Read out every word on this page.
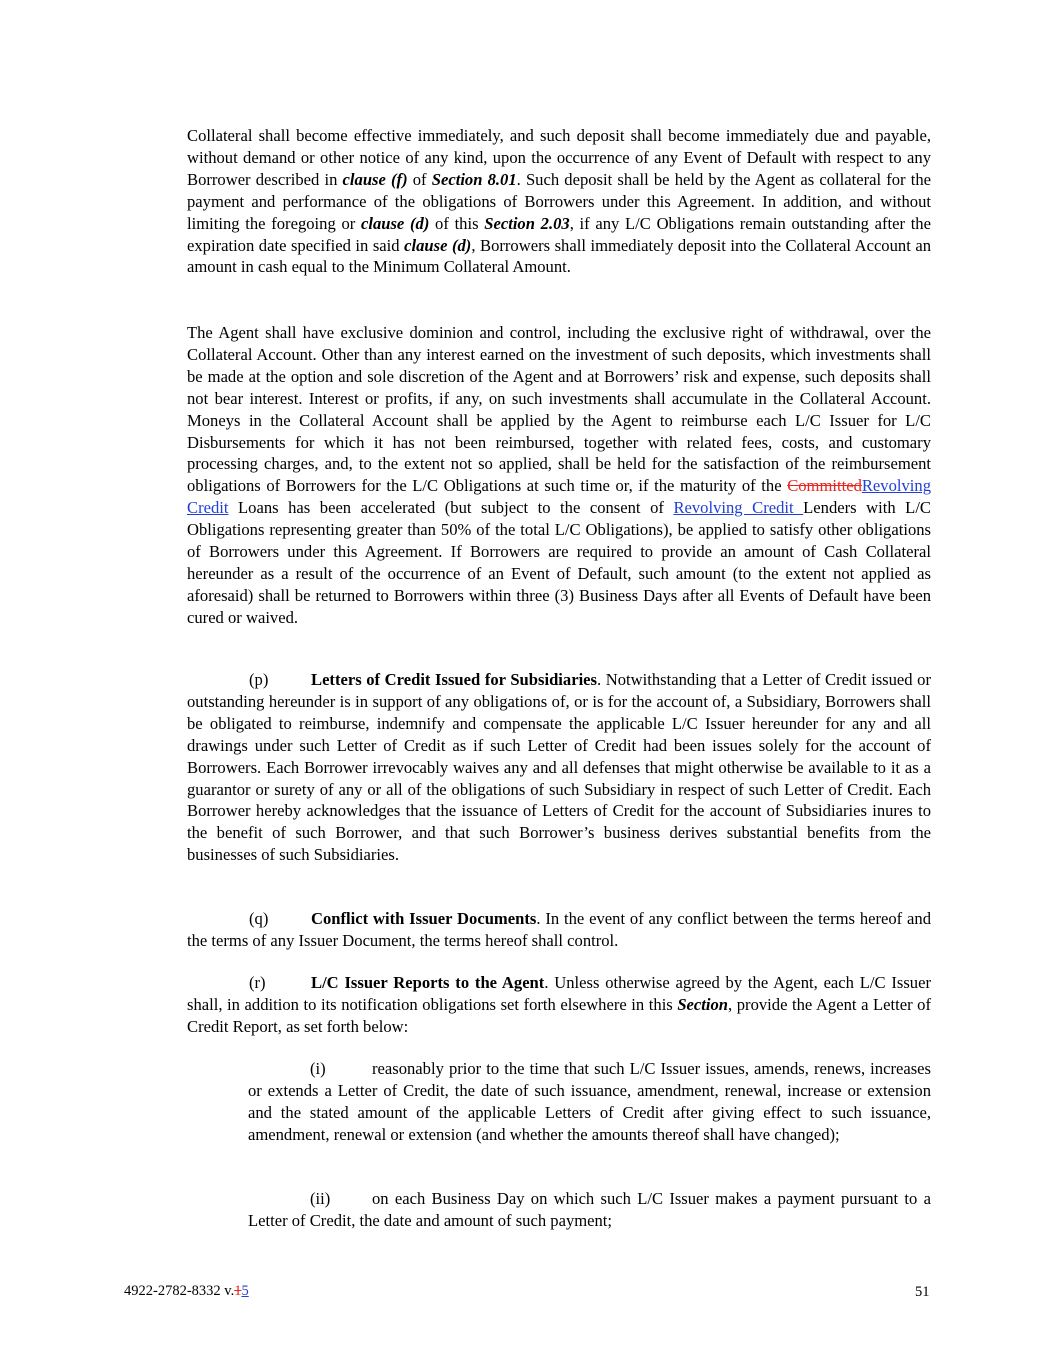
Collateral shall become effective immediately, and such deposit shall become immediately due and payable, without demand or other notice of any kind, upon the occurrence of any Event of Default with respect to any Borrower described in clause (f) of Section 8.01. Such deposit shall be held by the Agent as collateral for the payment and performance of the obligations of Borrowers under this Agreement. In addition, and without limiting the foregoing or clause (d) of this Section 2.03, if any L/C Obligations remain outstanding after the expiration date specified in said clause (d), Borrowers shall immediately deposit into the Collateral Account an amount in cash equal to the Minimum Collateral Amount.

The Agent shall have exclusive dominion and control, including the exclusive right of withdrawal, over the Collateral Account. Other than any interest earned on the investment of such deposits, which investments shall be made at the option and sole discretion of the Agent and at Borrowers’ risk and expense, such deposits shall not bear interest. Interest or profits, if any, on such investments shall accumulate in the Collateral Account. Moneys in the Collateral Account shall be applied by the Agent to reimburse each L/C Issuer for L/C Disbursements for which it has not been reimbursed, together with related fees, costs, and customary processing charges, and, to the extent not so applied, shall be held for the satisfaction of the reimbursement obligations of Borrowers for the L/C Obligations at such time or, if the maturity of the CommittedRevolving Credit Loans has been accelerated (but subject to the consent of Revolving Credit Lenders with L/C Obligations representing greater than 50% of the total L/C Obligations), be applied to satisfy other obligations of Borrowers under this Agreement. If Borrowers are required to provide an amount of Cash Collateral hereunder as a result of the occurrence of an Event of Default, such amount (to the extent not applied as aforesaid) shall be returned to Borrowers within three (3) Business Days after all Events of Default have been cured or waived.

(p)	Letters of Credit Issued for Subsidiaries. Notwithstanding that a Letter of Credit issued or outstanding hereunder is in support of any obligations of, or is for the account of, a Subsidiary, Borrowers shall be obligated to reimburse, indemnify and compensate the applicable L/C Issuer hereunder for any and all drawings under such Letter of Credit as if such Letter of Credit had been issues solely for the account of Borrowers. Each Borrower irrevocably waives any and all defenses that might otherwise be available to it as a guarantor or surety of any or all of the obligations of such Subsidiary in respect of such Letter of Credit. Each Borrower hereby acknowledges that the issuance of Letters of Credit for the account of Subsidiaries inures to the benefit of such Borrower, and that such Borrower’s business derives substantial benefits from the businesses of such Subsidiaries.

(q)	Conflict with Issuer Documents. In the event of any conflict between the terms hereof and the terms of any Issuer Document, the terms hereof shall control.

(r)	L/C Issuer Reports to the Agent. Unless otherwise agreed by the Agent, each L/C Issuer shall, in addition to its notification obligations set forth elsewhere in this Section, provide the Agent a Letter of Credit Report, as set forth below:

(i)	reasonably prior to the time that such L/C Issuer issues, amends, renews, increases or extends a Letter of Credit, the date of such issuance, amendment, renewal, increase or extension and the stated amount of the applicable Letters of Credit after giving effect to such issuance, amendment, renewal or extension (and whether the amounts thereof shall have changed);

(ii)	on each Business Day on which such L/C Issuer makes a payment pursuant to a Letter of Credit, the date and amount of such payment;

4922-2782-8332 v.15	51
